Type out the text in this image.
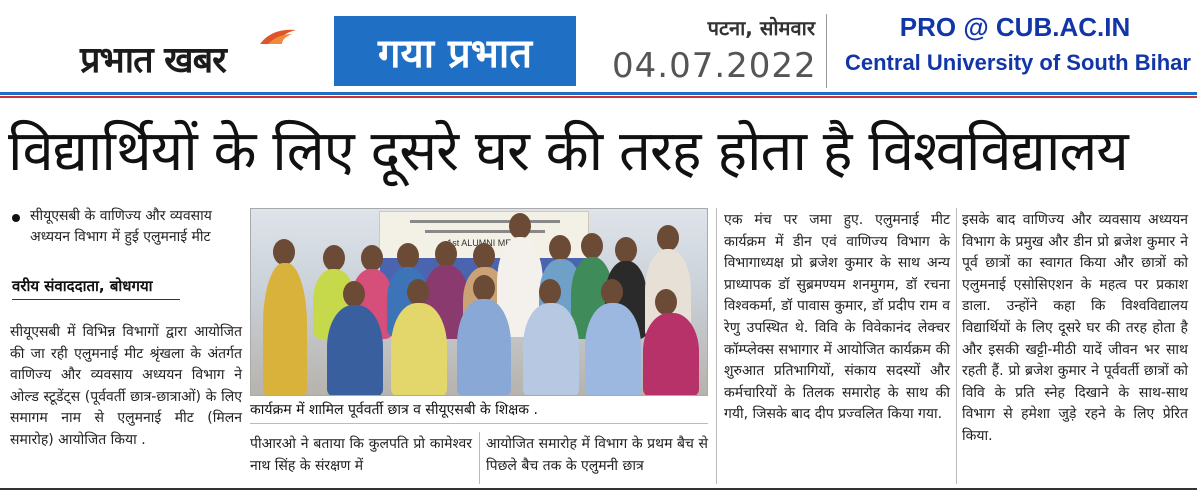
प्रभात खबर	गया प्रभात
पटना, सोमवार
04.07.2022
PRO @ CUB.AC.IN
Central University of South Bihar
विद्यार्थियों के लिए दूसरे घर की तरह होता है विश्वविद्यालय
सीयूएसबी के वाणिज्य और व्यवसाय अध्ययन विभाग में हुई एलुमनाई मीट
वरीय संवाददाता, बोधगया
सीयूएसबी में विभिन्न विभागों द्वारा आयोजित की जा रही एलुमनाई मीट श्रृंखला के अंतर्गत वाणिज्य और व्यवसाय अध्ययन विभाग ने ओल्ड स्टूडेंट्स (पूर्ववर्ती छात्र-छात्राओं) के लिए समागम नाम से एलुमनाई मीट (मिलन समारोह) आयोजित किया .
1st ALUMNI
कार्यक्रम में शामिल पूर्ववर्ती छात्र व सीयूएसबी के शिक्षक .
पीआरओ ने बताया कि कुलपति प्रो कामेश्वर नाथ सिंह के संरक्षण में
आयोजित समारोह में विभाग के प्रथम बैच से पिछले बैच तक के एलुमनी छात्र
एक मंच पर जमा हुए. एलुमनाई मीट कार्यक्रम में डीन एवं वाणिज्य विभाग के विभागाध्यक्ष प्रो ब्रजेश कुमार के साथ अन्य प्राध्यापक डॉ सुब्रमण्यम शनमुगम, डॉ रचना विश्वकर्मा, डॉ पावास कुमार, डॉ प्रदीप राम व रेणु उपस्थित थे. विवि के विवेकानंद लेक्चर कॉम्प्लेक्स सभागार में आयोजित कार्यक्रम की शुरुआत प्रतिभागियों, संकाय सदस्यों और कर्मचारियों के तिलक समारोह के साथ की गयी, जिसके बाद दीप प्रज्वलित किया गया.
इसके बाद वाणिज्य और व्यवसाय अध्ययन विभाग के प्रमुख और डीन प्रो ब्रजेश कुमार ने पूर्व छात्रों का स्वागत किया और छात्रों को एलुमनाई एसोसिएशन के महत्व पर प्रकाश डाला. उन्होंने कहा कि विश्वविद्यालय विद्यार्थियों के लिए दूसरे घर की तरह होता है और इसकी खट्टी-मीठी यादें जीवन भर साथ रहती हैं. प्रो ब्रजेश कुमार ने पूर्ववर्ती छात्रों को विवि के प्रति स्नेह दिखाने के साथ-साथ विभाग से हमेशा जुड़े रहने के लिए प्रेरित किया.
